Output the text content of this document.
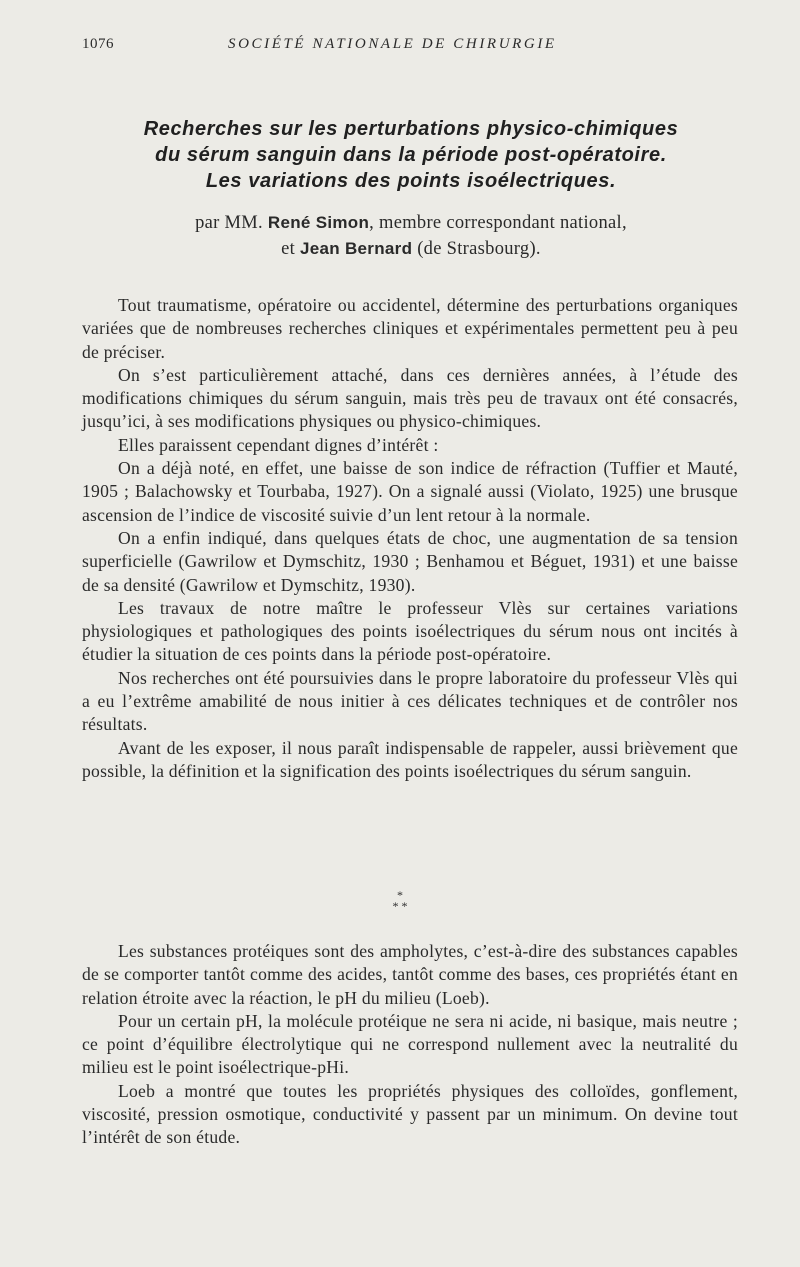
1076	SOCIÉTÉ NATIONALE DE CHIRURGIE
Recherches sur les perturbations physico-chimiques
du sérum sanguin dans la période post-opératoire.
Les variations des points isoélectriques.
par MM. René Simon, membre correspondant national,
et Jean Bernard (de Strasbourg).

Tout traumatisme, opératoire ou accidentel, détermine des perturbations organiques variées que de nombreuses recherches cliniques et expérimentales permettent peu à peu de préciser.

On s’est particulièrement attaché, dans ces dernières années, à l’étude des modifications chimiques du sérum sanguin, mais très peu de travaux ont été consacrés, jusqu’ici, à ses modifications physiques ou physico-chimiques.

Elles paraissent cependant dignes d’intérêt :

On a déjà noté, en effet, une baisse de son indice de réfraction (Tuffier et Mauté, 1905 ; Balachowsky et Tourbaba, 1927). On a signalé aussi (Violato, 1925) une brusque ascension de l’indice de viscosité suivie d’un lent retour à la normale.

On a enfin indiqué, dans quelques états de choc, une augmentation de sa tension superficielle (Gawrilow et Dymschitz, 1930 ; Benhamou et Béguet, 1931) et une baisse de sa densité (Gawrilow et Dymschitz, 1930).

Les travaux de notre maître le professeur Vlès sur certaines variations physiologiques et pathologiques des points isoélectriques du sérum nous ont incités à étudier la situation de ces points dans la période post-opératoire.

Nos recherches ont été poursuivies dans le propre laboratoire du professeur Vlès qui a eu l’extrême amabilité de nous initier à ces délicates techniques et de contrôler nos résultats.

Avant de les exposer, il nous paraît indispensable de rappeler, aussi brièvement que possible, la définition et la signification des points isoélectriques du sérum sanguin.

*
* *

Les substances protéiques sont des ampholytes, c’est-à-dire des substances capables de se comporter tantôt comme des acides, tantôt comme des bases, ces propriétés étant en relation étroite avec la réaction, le pH du milieu (Loeb).

Pour un certain pH, la molécule protéique ne sera ni acide, ni basique, mais neutre ; ce point d’équilibre électrolytique qui ne correspond nullement avec la neutralité du milieu est le point isoélectrique-pHi.

Loeb a montré que toutes les propriétés physiques des colloïdes, gonflement, viscosité, pression osmotique, conductivité y passent par un minimum. On devine tout l’intérêt de son étude.
